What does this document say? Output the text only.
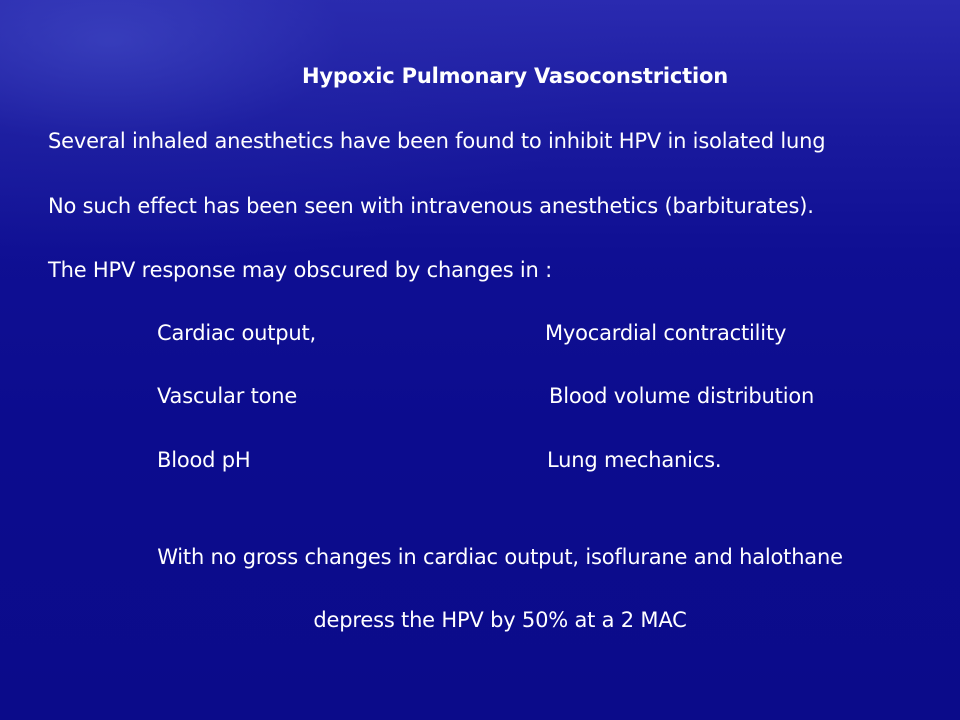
Hypoxic Pulmonary Vasoconstriction
Several inhaled anesthetics have been found to inhibit HPV in isolated lung
No such effect has been seen with intravenous anesthetics (barbiturates).
The HPV response may obscured by changes in :
Cardiac output,	Myocardial contractility
Vascular tone	Blood volume distribution
Blood pH	Lung mechanics.
With no gross changes in cardiac output, isoflurane and halothane
depress the HPV by 50% at a 2 MAC
